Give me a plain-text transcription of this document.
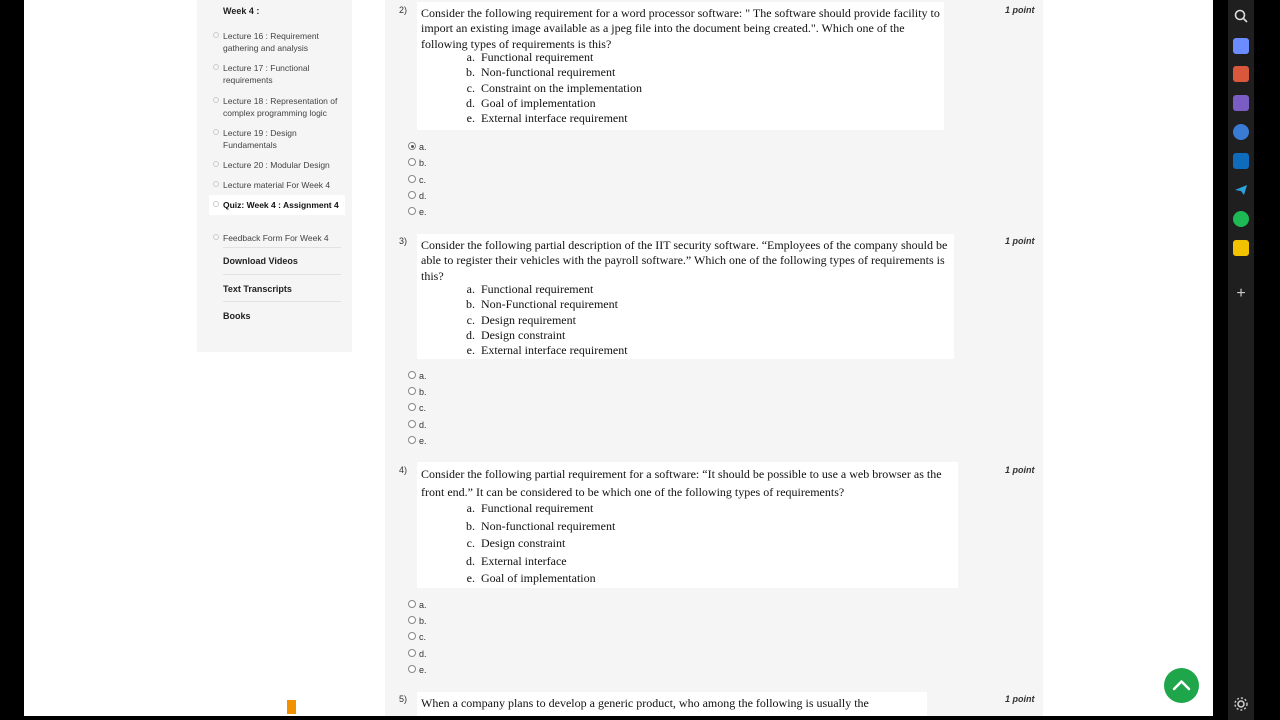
Week 4 :
Lecture 16 : Requirement gathering and analysis
Lecture 17 : Functional requirements
Lecture 18 : Representation of complex programming logic
Lecture 19 : Design Fundamentals
Lecture 20 : Modular Design
Lecture material For Week 4
Quiz: Week 4 : Assignment 4
Feedback Form For Week 4
Download Videos
Text Transcripts
Books
2)	1 point
Consider the following requirement for a word processor software: " The software should provide facility to import an existing image available as a jpeg file into the document being created.". Which one of the following types of requirements is this?
a. Functional requirement
b. Non-functional requirement
c. Constraint on the implementation
d. Goal of implementation
e. External interface requirement
a.
b.
c.
d.
e.
3)	1 point
Consider the following partial description of the IIT security software. “Employees of the company should be able to register their vehicles with the payroll software.” Which one of the following types of requirements is this?
a. Functional requirement
b. Non-Functional requirement
c. Design requirement
d. Design constraint
e. External interface requirement
a.
b.
c.
d.
e.
4)	1 point
Consider the following partial requirement for a software: “It should be possible to use a web browser as the front end.” It can be considered to be which one of the following types of requirements?
a. Functional requirement
b. Non-functional requirement
c. Design constraint
d. External interface
e. Goal of implementation
a.
b.
c.
d.
e.
5)	1 point
When a company plans to develop a generic product, who among the following is usually the
+
